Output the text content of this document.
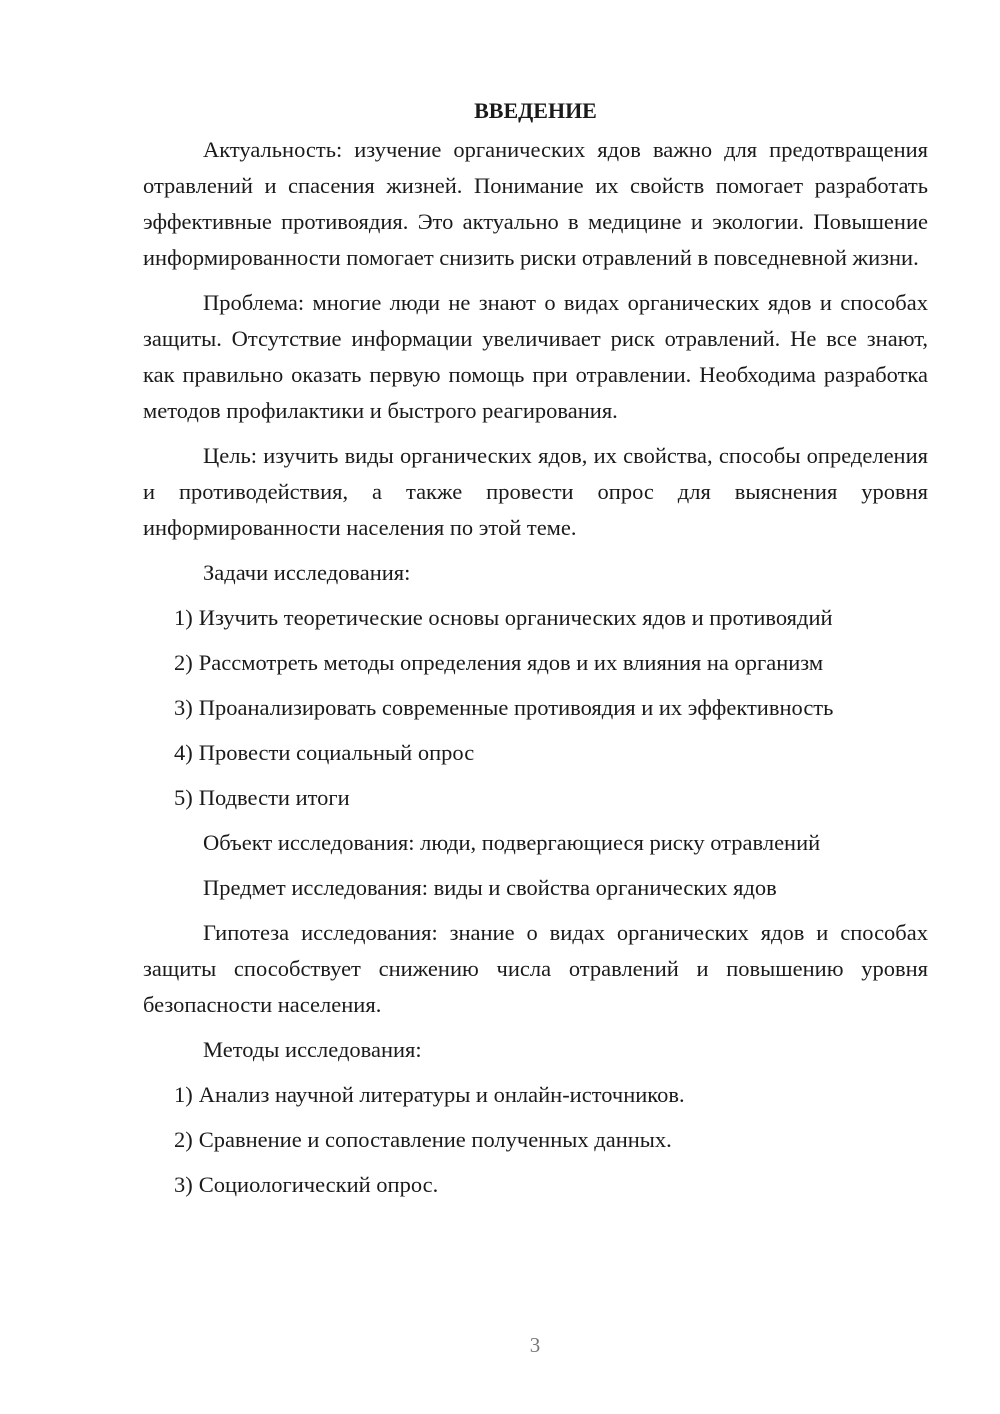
ВВЕДЕНИЕ

Актуальность: изучение органических ядов важно для предотвращения отравлений и спасения жизней. Понимание их свойств помогает разработать эффективные противоядия. Это актуально в медицине и экологии. Повышение информированности помогает снизить риски отравлений в повседневной жизни.

Проблема: многие люди не знают о видах органических ядов и способах защиты. Отсутствие информации увеличивает риск отравлений. Не все знают, как правильно оказать первую помощь при отравлении. Необходима разработка методов профилактики и быстрого реагирования.

Цель: изучить виды органических ядов, их свойства, способы определения и противодействия, а также провести опрос для выяснения уровня информированности населения по этой теме.

Задачи исследования:

1) Изучить теоретические основы органических ядов и противоядий
2) Рассмотреть методы определения ядов и их влияния на организм
3) Проанализировать современные противоядия и их эффективность
4) Провести социальный опрос
5) Подвести итоги

Объект исследования: люди, подвергающиеся риску отравлений

Предмет исследования: виды и свойства органических ядов

Гипотеза исследования: знание о видах органических ядов и способах защиты способствует снижению числа отравлений и повышению уровня безопасности населения.

Методы исследования:

1) Анализ научной литературы и онлайн-источников.
2) Сравнение и сопоставление полученных данных.
3) Социологический опрос.
3
